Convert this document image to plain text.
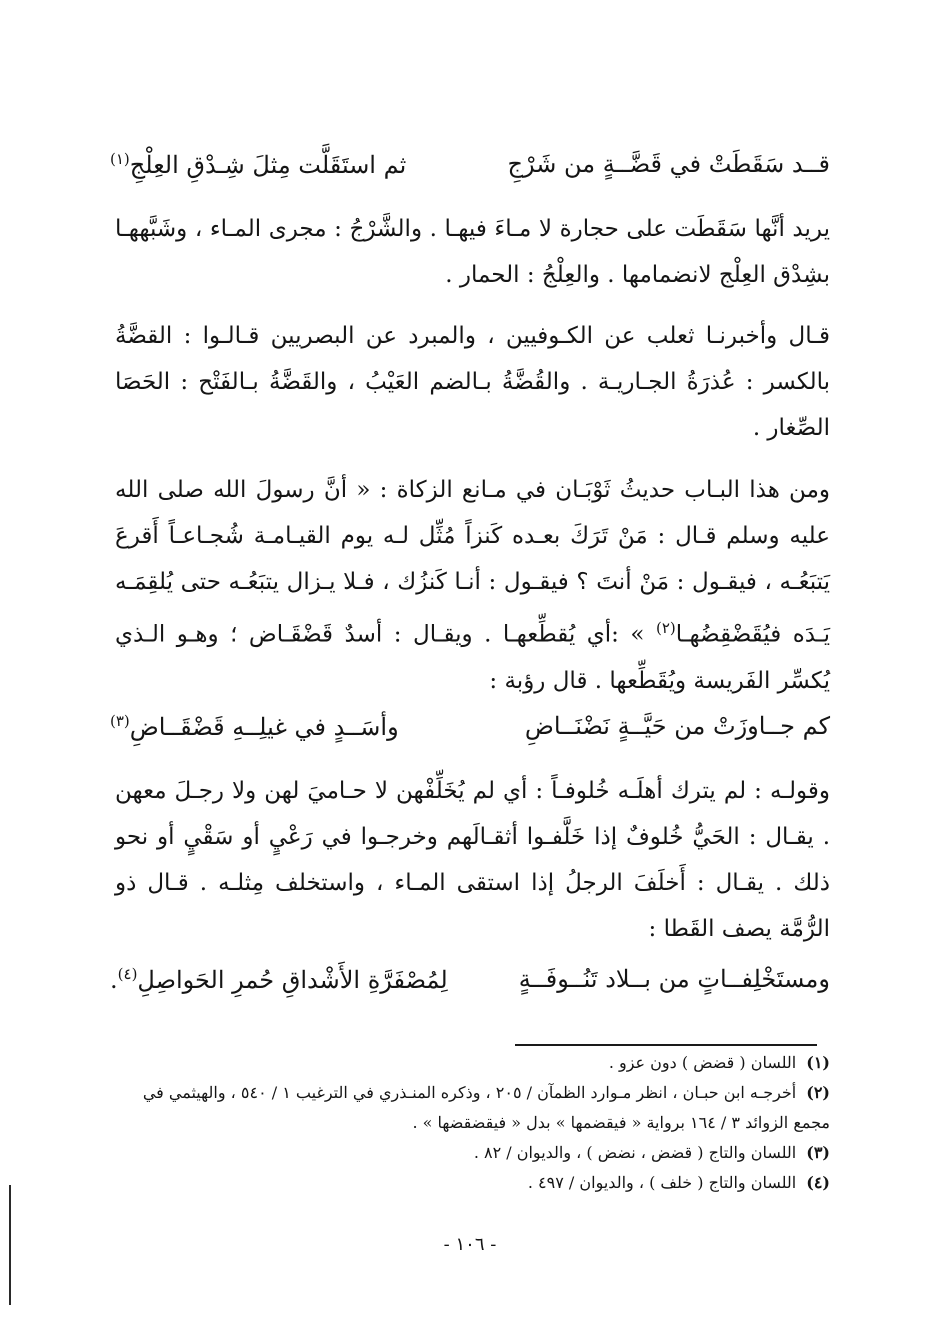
قــد سَقَطَتْ في قَضَّــةٍ من شَرْجِ
ثم استَقَلَّت مِثلَ شِـدْقِ العِلْجِ$^{(١)}$

يريد أنَّها سَقَطَت على حجارة لا مـاءَ فيهـا . والشَّرْجُ : مجرى المـاء ، وشَبَّههـا بشِدْق العِلْج لانضمامها . والعِلْجُ : الحمار .

قـال وأخبرنـا ثعلب عن الكـوفيين ، والمبرد عن البصريين قـالـوا : القضَّةُ بالكسر : عُذرَةُ الجـاريـة . والقُضَّةُ بـالضم العَيْبُ ، والقَضَّةُ بـالفَتْح : الحَصَا الصِّغار .

ومن هذا البـاب حديثُ ثَوْبَـان في مـانع الزكاة : « أنَّ رسولَ الله صلى الله عليه وسلم قـال : مَنْ تَرَكَ بعـده كَنزاً مُثِّل لـه يوم القيـامـة شُجـاعـاً أَقرعَ يَتبَعُـه ، فيقـول : مَنْ أنتَ ؟ فيقـول : أنـا كَنزُك ، فـلا يـزال يتبَعُـه حتى يُلقِمَـه يَـدَه فيُقَضْقِضُهـا$^{(٢)}$ » :أي يُقطِّعهـا . ويقـال : أسدٌ قَضْقَـاض ؛ وهـو الـذي يُكسِّر الفَريسة ويُقَطِّعها . قال رؤبة :

كم جــاوزَتْ من حَيَّــةٍ نَضْنَــاضِ
وأسَــدٍ في غيلِــهِ قَضْقَــاضِ$^{(٣)}$

وقولـه : لم يترك أهلَـه خُلوفـاً : أي لم يُخَلِّفْهن لا حـاميَ لهن ولا رجـلَ معهن . يقـال : الحَيُّ خُلوفٌ إذا خَلَّفـوا أثقـالَهم وخرجـوا في رَعْيٍ أو سَقْيٍ أو نحو ذلك . يقـال : أَخلَفَ الرجلُ إذا استقى المـاء ، واستخلف مِثلـه . قـال ذو الرُّمَّة يصف القَطا :

ومستَخْلِفــاتٍ من بــلاد تَنُــوفَــةٍ
لِمُصْفَرَّةِ الأَشْداقِ حُمرِ الحَواصِلِ$^{(٤)}$.

(١)اللسان ( قضض ) دون عزو .

(٢)أخرجـه ابن حبـان ، انظر مـوارد الظمآن / ٢٠٥ ، وذكره المنـذري في الترغيب ١ / ٥٤٠ ، والهيثمي في مجمع الزوائد ٣ / ١٦٤ برواية « فيقضمها » بدل « فيقضقضها » .

(٣)اللسان والتاج ( قضض ، نضض ) ، والديوان / ٨٢ .

(٤)اللسان والتاج ( خلف ) ، والديوان / ٤٩٧ .

- ١٠٦ -
